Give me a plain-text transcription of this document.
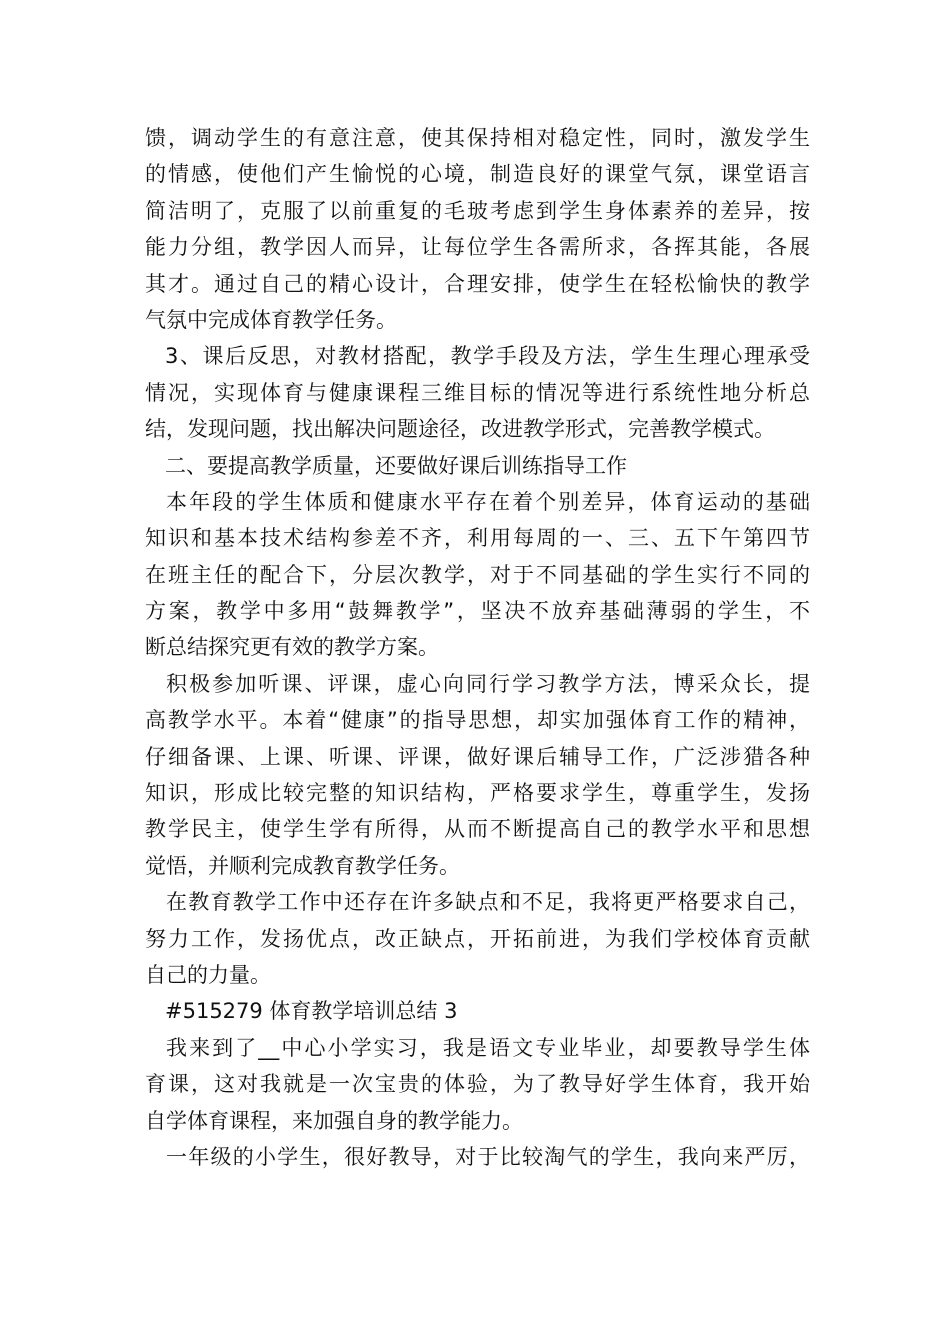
馈，调动学生的有意注意，使其保持相对稳定性，同时，激发学生
的情感，使他们产生愉悦的心境，制造良好的课堂气氛，课堂语言
简洁明了，克服了以前重复的毛玻考虑到学生身体素养的差异，按
能力分组，教学因人而异，让每位学生各需所求，各挥其能，各展
其才。通过自己的精心设计，合理安排，使学生在轻松愉快的教学
气氛中完成体育教学任务。
3、课后反思，对教材搭配，教学手段及方法，学生生理心理承受
情况，实现体育与健康课程三维目标的情况等进行系统性地分析总
结，发现问题，找出解决问题途径，改进教学形式，完善教学模式。
二、要提高教学质量，还要做好课后训练指导工作
本年段的学生体质和健康水平存在着个别差异，体育运动的基础
知识和基本技术结构参差不齐，利用每周的一、三、五下午第四节
在班主任的配合下，分层次教学，对于不同基础的学生实行不同的
方案，教学中多用“鼓舞教学”，坚决不放弃基础薄弱的学生，不
断总结探究更有效的教学方案。
积极参加听课、评课，虚心向同行学习教学方法，博采众长，提
高教学水平。本着“健康”的指导思想，却实加强体育工作的精神，
仔细备课、上课、听课、评课，做好课后辅导工作，广泛涉猎各种
知识，形成比较完整的知识结构，严格要求学生，尊重学生，发扬
教学民主，使学生学有所得，从而不断提高自己的教学水平和思想
觉悟，并顺利完成教育教学任务。
在教育教学工作中还存在许多缺点和不足，我将更严格要求自己，
努力工作，发扬优点，改正缺点，开拓前进，为我们学校体育贡献
自己的力量。
#515279 体育教学培训总结 3
我来到了__中心小学实习，我是语文专业毕业，却要教导学生体
育课，这对我就是一次宝贵的体验，为了教导好学生体育，我开始
自学体育课程，来加强自身的教学能力。
一年级的小学生，很好教导，对于比较淘气的学生，我向来严厉，
